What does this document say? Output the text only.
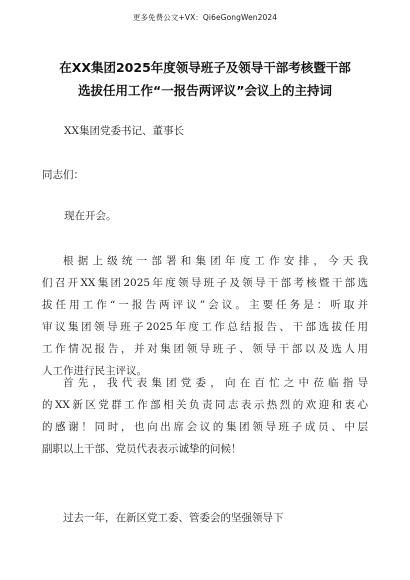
更多免费公文+VX：Qi6eGongWen2024
在XX集团2025年度领导班子及领导干部考核暨干部
选拔任用工作“一报告两评议”会议上的主持词
XX集团党委书记、董事长
同志们：
现在开会。
根据上级统一部署和集团年度工作安排，今天我
们召开XX集团2025年度领导班子及领导干部考核暨干部选
拔任用工作“一报告两评议”会议。主要任务是：听取并
审议集团领导班子2025年度工作总结报告、干部选拔任用
工作情况报告，并对集团领导班子、领导干部以及选人用
人工作进行民主评议。
首先，我代表集团党委，向在百忙之中莅临指导
的XX新区党群工作部相关负责同志表示热烈的欢迎和衷心
的感谢！同时，也向出席会议的集团领导班子成员、中层
副职以上干部、党员代表表示诚挚的问候！
过去一年，在新区党工委、管委会的坚强领导下
